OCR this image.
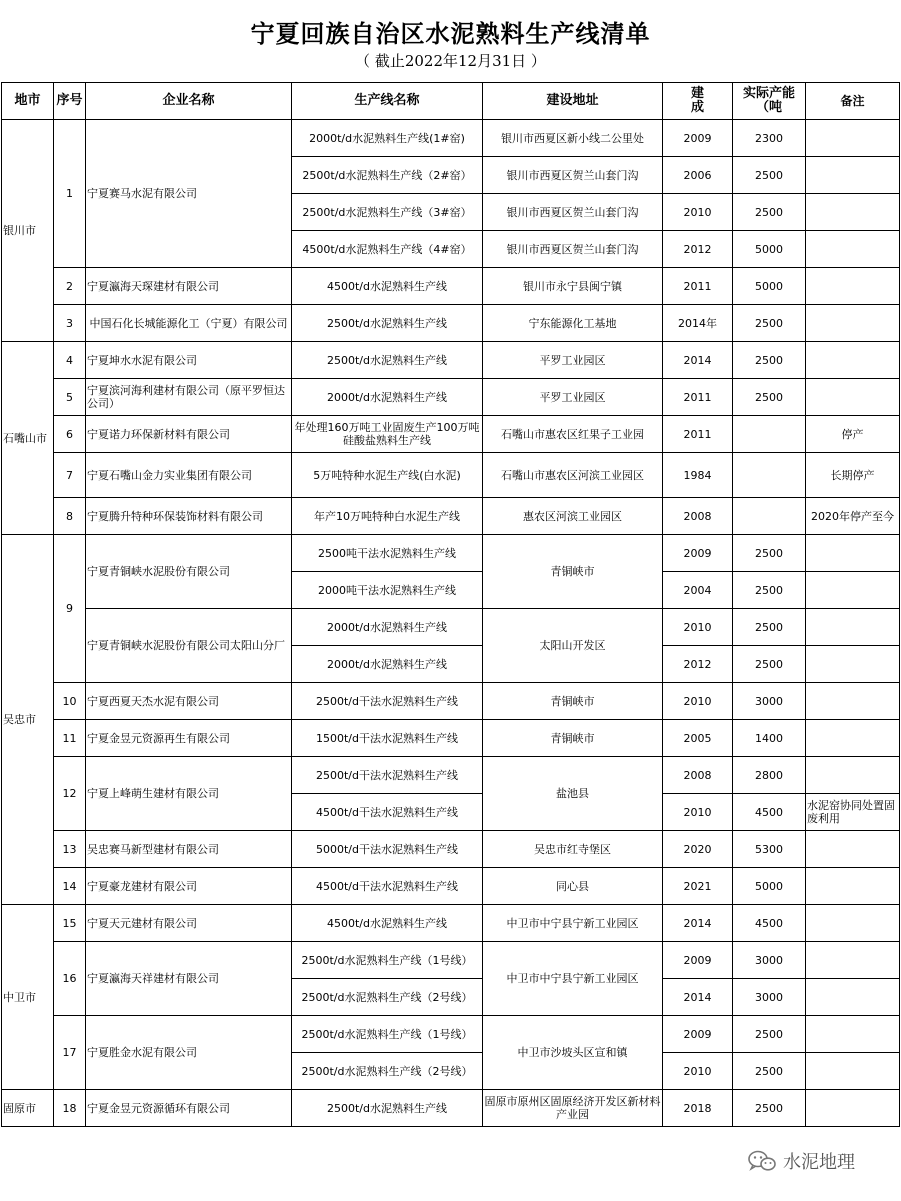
宁夏回族自治区水泥熟料生产线清单
（ 截止2022年12月31日 ）
地市	序号	企业名称	生产线名称	建设地址	建成	实际产能（吨	备注
银川市	1	宁夏赛马水泥有限公司	2000t/d水泥熟料生产线(1#窑)	银川市西夏区新小线二公里处	2009	2300	
			2500t/d水泥熟料生产线（2#窑）	银川市西夏区贺兰山套门沟	2006	2500	
			2500t/d水泥熟料生产线（3#窑）	银川市西夏区贺兰山套门沟	2010	2500	
			4500t/d水泥熟料生产线（4#窑）	银川市西夏区贺兰山套门沟	2012	5000	
	2	宁夏瀛海天琛建材有限公司	4500t/d水泥熟料生产线	银川市永宁县闽宁镇	2011	5000	
	3	中国石化长城能源化工（宁夏）有限公司	2500t/d水泥熟料生产线	宁东能源化工基地	2014年	2500	
石嘴山市	4	宁夏坤水水泥有限公司	2500t/d水泥熟料生产线	平罗工业园区	2014	2500	
	5	宁夏滨河海利建材有限公司（原平罗恒达公司）	2000t/d水泥熟料生产线	平罗工业园区	2011	2500	
	6	宁夏诺力环保新材料有限公司	年处理160万吨工业固废生产100万吨硅酸盐熟料生产线	石嘴山市惠农区红果子工业园	2011		停产
	7	宁夏石嘴山金力实业集团有限公司	5万吨特种水泥生产线(白水泥)	石嘴山市惠农区河滨工业园区	1984		长期停产
	8	宁夏腾升特种环保装饰材料有限公司	年产10万吨特种白水泥生产线	惠农区河滨工业园区	2008		2020年停产至今
吴忠市	9	宁夏青铜峡水泥股份有限公司	2500吨干法水泥熟料生产线	青铜峡市	2009	2500	
			2000吨干法水泥熟料生产线		2004	2500	
		宁夏青铜峡水泥股份有限公司太阳山分厂	2000t/d水泥熟料生产线	太阳山开发区	2010	2500	
			2000t/d水泥熟料生产线		2012	2500	
	10	宁夏西夏天杰水泥有限公司	2500t/d干法水泥熟料生产线	青铜峡市	2010	3000	
	11	宁夏金昱元资源再生有限公司	1500t/d干法水泥熟料生产线	青铜峡市	2005	1400	
	12	宁夏上峰萌生建材有限公司	2500t/d干法水泥熟料生产线	盐池县	2008	2800	
			4500t/d干法水泥熟料生产线		2010	4500	水泥窑协同处置固废利用
	13	吴忠赛马新型建材有限公司	5000t/d干法水泥熟料生产线	吴忠市红寺堡区	2020	5300	
	14	宁夏豪龙建材有限公司	4500t/d干法水泥熟料生产线	同心县	2021	5000	
中卫市	15	宁夏天元建材有限公司	4500t/d水泥熟料生产线	中卫市中宁县宁新工业园区	2014	4500	
	16	宁夏瀛海天祥建材有限公司	2500t/d水泥熟料生产线（1号线）	中卫市中宁县宁新工业园区	2009	3000	
			2500t/d水泥熟料生产线（2号线）		2014	3000	
	17	宁夏胜金水泥有限公司	2500t/d水泥熟料生产线（1号线）	中卫市沙坡头区宣和镇	2009	2500	
			2500t/d水泥熟料生产线（2号线）		2010	2500	
固原市	18	宁夏金昱元资源循环有限公司	2500t/d水泥熟料生产线	固原市原州区固原经济开发区新材料产业园	2018	2500	
水泥地理
